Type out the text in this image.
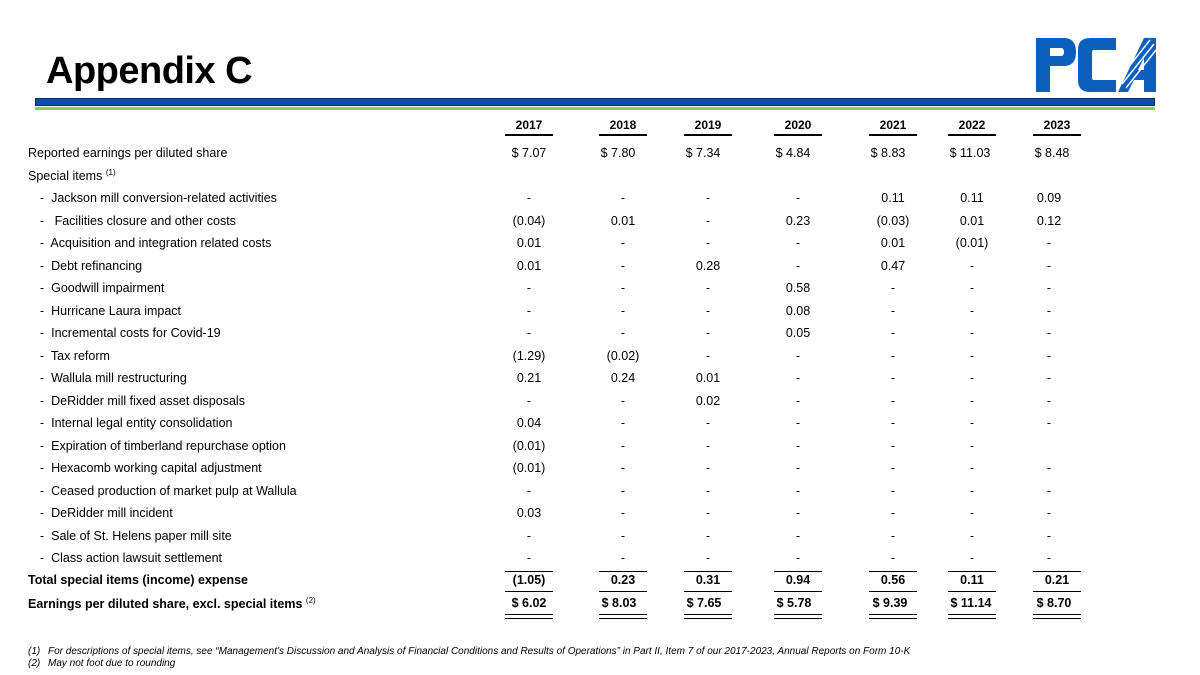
Appendix C
2017	2018	2019	2020	2021	2022	2023
Reported earnings per diluted share	$ 7.07	$ 7.80	$ 7.34	$ 4.84	$ 8.83	$ 11.03	$ 8.48
Special items $^{(1)}$
-  Jackson mill conversion-related activities	-	-	-	-	0.11	0.11	0.09
-   Facilities closure and other costs	(0.04)	0.01	-	0.23	(0.03)	0.01	0.12
-  Acquisition and integration related costs	0.01	-	-	-	0.01	(0.01)	-
-  Debt refinancing	0.01	-	0.28	-	0.47	-	-
-  Goodwill impairment	-	-	-	0.58	-	-	-
-  Hurricane Laura impact	-	-	-	0.08	-	-	-
-  Incremental costs for Covid-19	-	-	-	0.05	-	-	-
-  Tax reform	(1.29)	(0.02)	-	-	-	-	-
-  Wallula mill restructuring	0.21	0.24	0.01	-	-	-	-
-  DeRidder mill fixed asset disposals	-	-	0.02	-	-	-	-
-  Internal legal entity consolidation	0.04	-	-	-	-	-	-
-  Expiration of timberland repurchase option	(0.01)	-	-	-	-	-
-  Hexacomb working capital adjustment	(0.01)	-	-	-	-	-	-
-  Ceased production of market pulp at Wallula	-	-	-	-	-	-	-
-  DeRidder mill incident	0.03	-	-	-	-	-	-
-  Sale of St. Helens paper mill site	-	-	-	-	-	-	-
-  Class action lawsuit settlement	-	-	-	-	-	-	-
Total special items (income) expense	(1.05)	0.23	0.31	0.94	0.56	0.11	0.21
Earnings per diluted share, excl. special items $^{(2)}$	$ 6.02	$ 8.03	$ 7.65	$ 5.78	$ 9.39	$ 11.14	$ 8.70
(1) For descriptions of special items, see “Management’s Discussion and Analysis of Financial Conditions and Results of Operations” in Part II, Item 7 of our 2017-2023, Annual Reports on Form 10-K
(2) May not foot due to rounding
